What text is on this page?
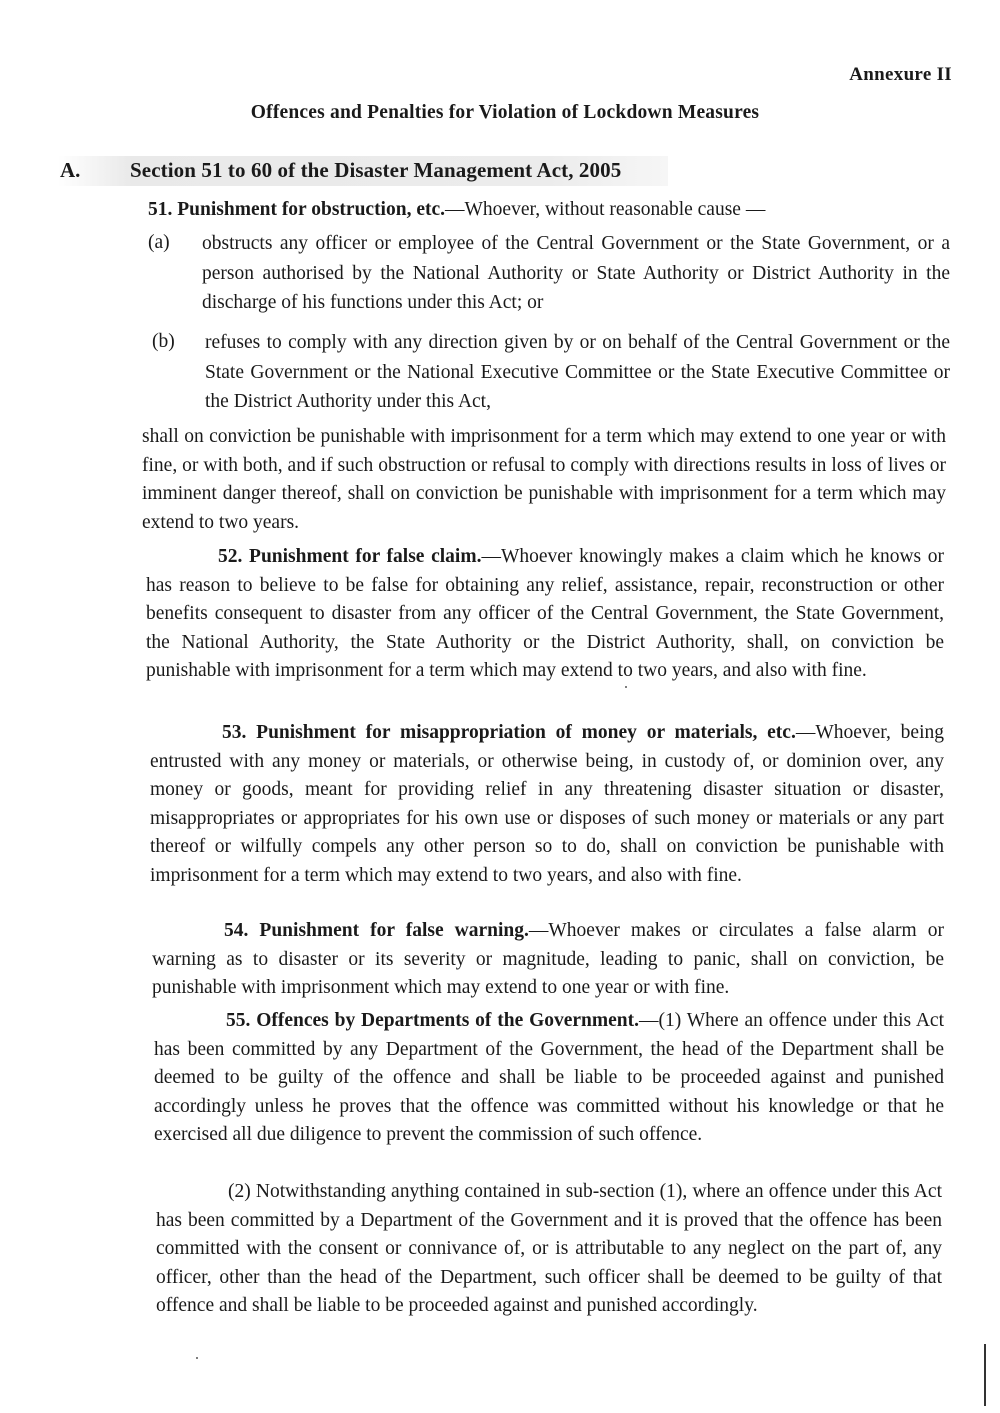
Annexure II
Offences and Penalties for Violation of Lockdown Measures
A. Section 51 to 60 of the Disaster Management Act, 2005

51. Punishment for obstruction, etc.—Whoever, without reasonable cause —

(a) obstructs any officer or employee of the Central Government or the State Government, or a person authorised by the National Authority or State Authority or District Authority in the discharge of his functions under this Act; or

(b) refuses to comply with any direction given by or on behalf of the Central Government or the State Government or the National Executive Committee or the State Executive Committee or the District Authority under this Act,

shall on conviction be punishable with imprisonment for a term which may extend to one year or with fine, or with both, and if such obstruction or refusal to comply with directions results in loss of lives or imminent danger thereof, shall on conviction be punishable with imprisonment for a term which may extend to two years.

52. Punishment for false claim.—Whoever knowingly makes a claim which he knows or has reason to believe to be false for obtaining any relief, assistance, repair, reconstruction or other benefits consequent to disaster from any officer of the Central Government, the State Government, the National Authority, the State Authority or the District Authority, shall, on conviction be punishable with imprisonment for a term which may extend to two years, and also with fine.

53. Punishment for misappropriation of money or materials, etc.—Whoever, being entrusted with any money or materials, or otherwise being, in custody of, or dominion over, any money or goods, meant for providing relief in any threatening disaster situation or disaster, misappropriates or appropriates for his own use or disposes of such money or materials or any part thereof or wilfully compels any other person so to do, shall on conviction be punishable with imprisonment for a term which may extend to two years, and also with fine.

54. Punishment for false warning.—Whoever makes or circulates a false alarm or warning as to disaster or its severity or magnitude, leading to panic, shall on conviction, be punishable with imprisonment which may extend to one year or with fine.

55. Offences by Departments of the Government.—(1) Where an offence under this Act has been committed by any Department of the Government, the head of the Department shall be deemed to be guilty of the offence and shall be liable to be proceeded against and punished accordingly unless he proves that the offence was committed without his knowledge or that he exercised all due diligence to prevent the commission of such offence.

(2) Notwithstanding anything contained in sub-section (1), where an offence under this Act has been committed by a Department of the Government and it is proved that the offence has been committed with the consent or connivance of, or is attributable to any neglect on the part of, any officer, other than the head of the Department, such officer shall be deemed to be guilty of that offence and shall be liable to be proceeded against and punished accordingly.
